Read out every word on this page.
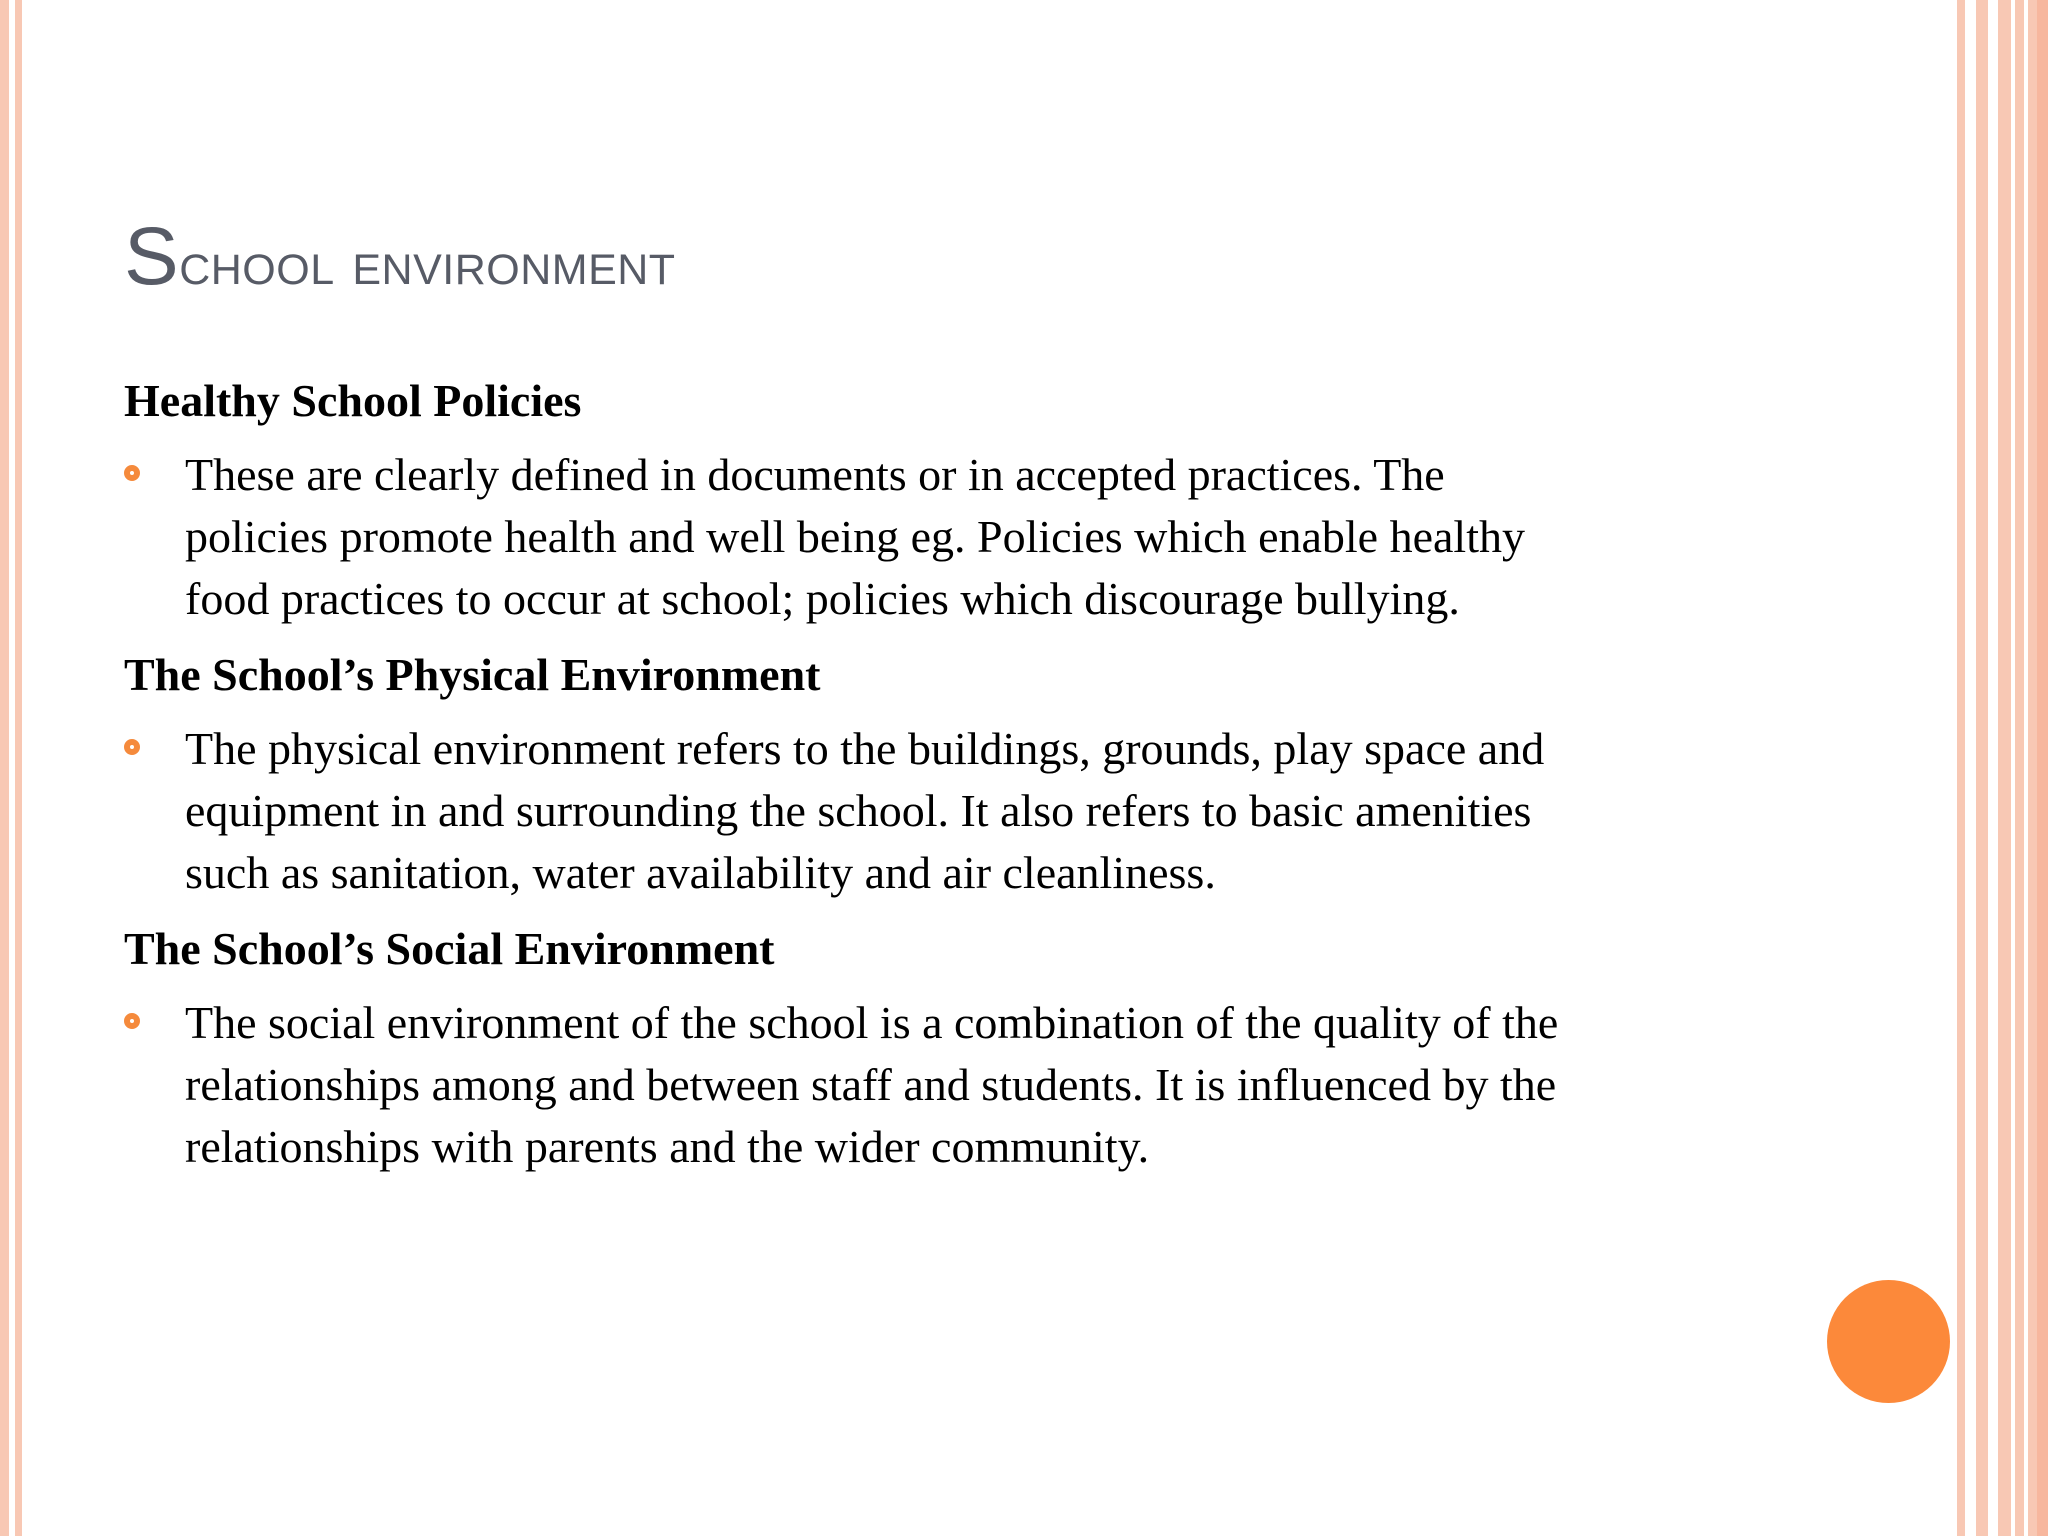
School environment
Healthy School Policies
These are clearly defined in documents or in accepted practices. The
policies promote health and well being eg. Policies which enable healthy
food practices to occur at school; policies which discourage bullying.
The School’s Physical Environment
The physical environment refers to the buildings, grounds, play space and
equipment in and surrounding the school. It also refers to basic amenities
such as sanitation, water availability and air cleanliness.
The School’s Social Environment
The social environment of the school is a combination of the quality of the
relationships among and between staff and students. It is influenced by the
relationships with parents and the wider community.
